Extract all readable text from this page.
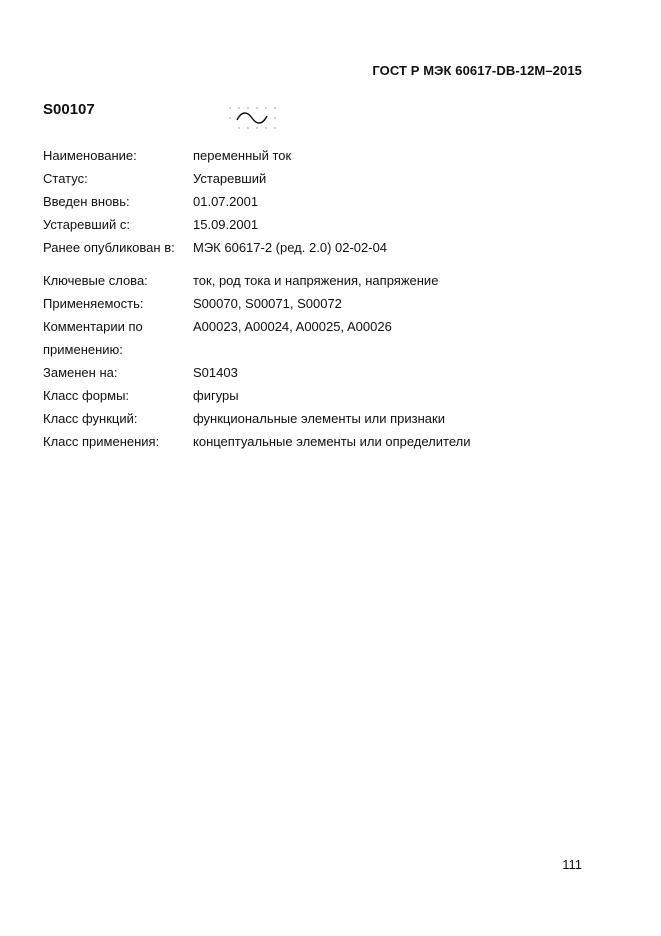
ГОСТ Р МЭК 60617-DB-12M–2015
S00107
Наименование:	переменный ток
Статус:	Устаревший
Введен вновь:	01.07.2001
Устаревший с:	15.09.2001
Ранее опубликован в:	МЭК 60617-2 (ред. 2.0) 02-02-04
Ключевые слова:	ток, род тока и напряжения, напряжение
Применяемость:	S00070, S00071, S00072
Комментарии по	A00023, A00024, A00025, A00026
применению:
Заменен на:	S01403
Класс формы:	фигуры
Класс функций:	функциональные элементы или признаки
Класс применения:	концептуальные элементы или определители
111
